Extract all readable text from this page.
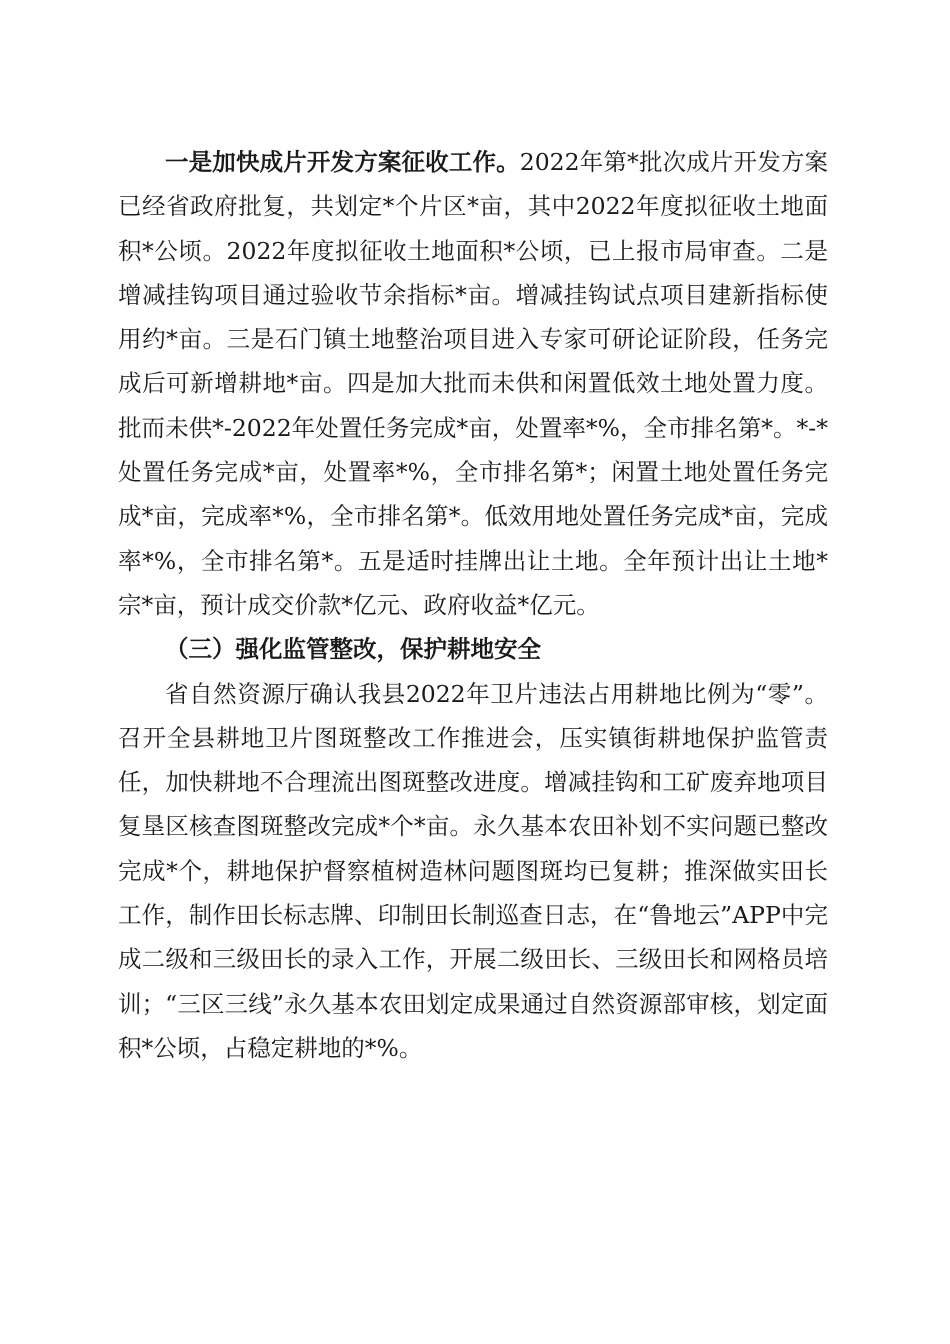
一是加快成片开发方案征收工作。2022年第*批次成片开发方案已经省政府批复，共划定*个片区*亩，其中2022年度拟征收土地面积*公顷。2022年度拟征收土地面积*公顷，已上报市局审查。二是增减挂钩项目通过验收节余指标*亩。增减挂钩试点项目建新指标使用约*亩。三是石门镇土地整治项目进入专家可研论证阶段，任务完成后可新增耕地*亩。四是加大批而未供和闲置低效土地处置力度。批而未供*-2022年处置任务完成*亩，处置率*%，全市排名第*。*-*处置任务完成*亩，处置率*%，全市排名第*；闲置土地处置任务完成*亩，完成率*%，全市排名第*。低效用地处置任务完成*亩，完成率*%，全市排名第*。五是适时挂牌出让土地。全年预计出让土地*宗*亩，预计成交价款*亿元、政府收益*亿元。

（三）强化监管整改，保护耕地安全

省自然资源厅确认我县2022年卫片违法占用耕地比例为“零”。召开全县耕地卫片图斑整改工作推进会，压实镇街耕地保护监管责任，加快耕地不合理流出图斑整改进度。增减挂钩和工矿废弃地项目复垦区核查图斑整改完成*个*亩。永久基本农田补划不实问题已整改完成*个，耕地保护督察植树造林问题图斑均已复耕；推深做实田长工作，制作田长标志牌、印制田长制巡查日志，在“鲁地云”APP中完成二级和三级田长的录入工作，开展二级田长、三级田长和网格员培训；“三区三线”永久基本农田划定成果通过自然资源部审核，划定面积*公顷，占稳定耕地的*%。
